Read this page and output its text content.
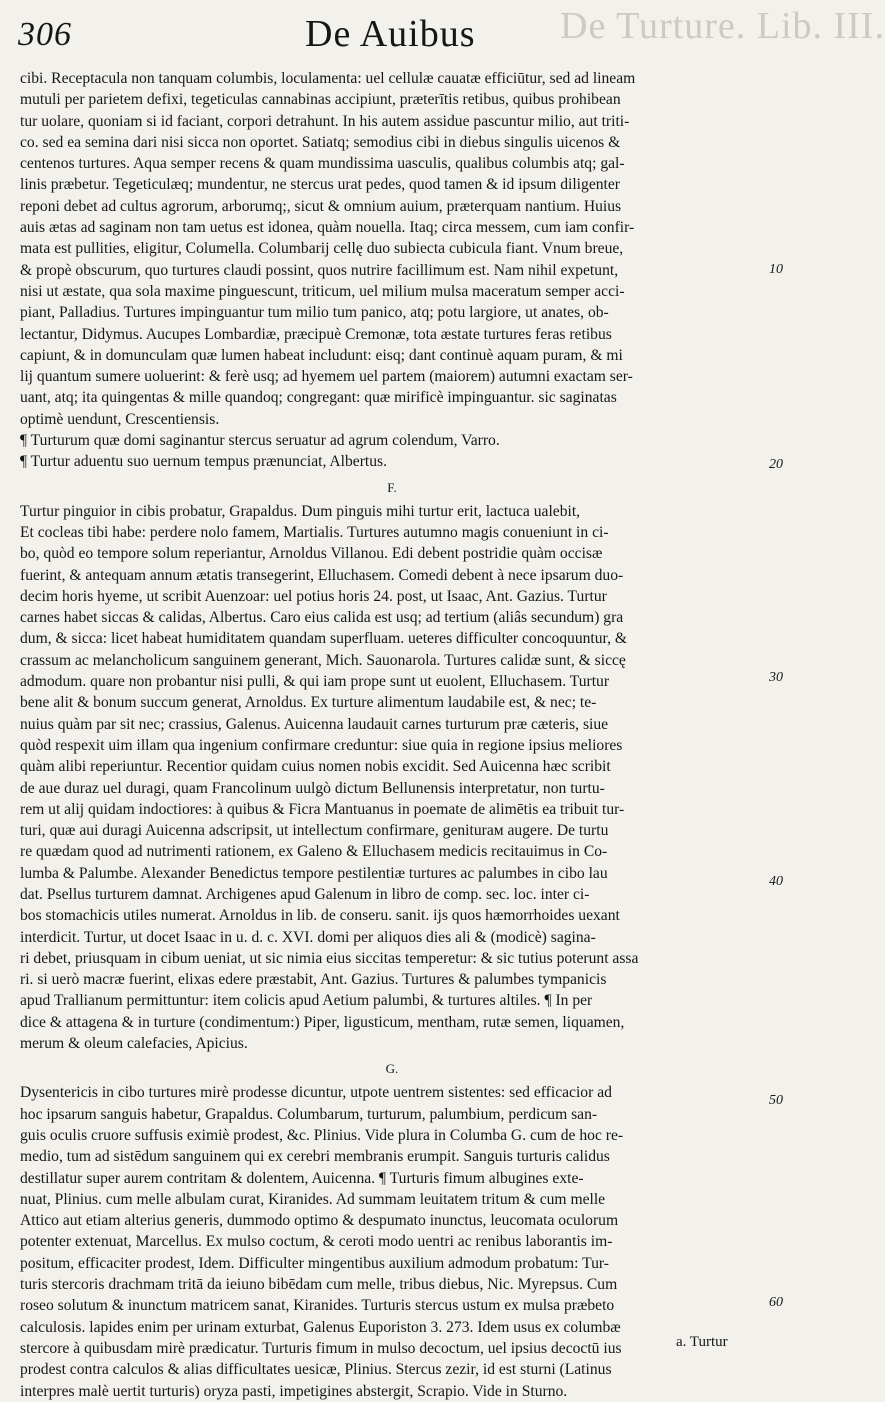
De Turture. Lib. III.
306	De Auibus
10
20
30
40
50
60
cibi. Receptacula non tanquam columbis, loculamenta: uel cellulæ cauatæ efficiūtur, sed ad lineam
mutuli per parietem defixi, tegeticulas cannabinas accipiunt, præterītis retibus, quibus prohibean
tur uolare, quoniam si id faciant, corpori detrahunt. In his autem assidue pascuntur milio, aut triti-
co. sed ea semina dari nisi sicca non oportet. Satiatq; semodius cibi in diebus singulis uicenos &
centenos turtures. Aqua semper recens & quam mundissima uasculis, qualibus columbis atq; gal-
linis præbetur. Tegeticulæq; mundentur, ne stercus urat pedes, quod tamen & id ipsum diligenter
reponi debet ad cultus agrorum, arborumq;, sicut & omnium auium, præterquam nantium. Huius
auis ætas ad saginam non tam uetus est idonea, quàm nouella. Itaq; circa messem, cum iam confir-
mata est pullities, eligitur, Columella. Columbarij cellę duo subiecta cubicula fiant. Vnum breue,
& propè obscurum, quo turtures claudi possint, quos nutrire facillimum est. Nam nihil expetunt,
nisi ut æstate, qua sola maxime pinguescunt, triticum, uel milium mulsa maceratum semper acci-
piant, Palladius. Turtures impinguantur tum milio tum panico, atq; potu largiore, ut anates, ob-
lectantur, Didymus. Aucupes Lombardiæ, præcipuè Cremonæ, tota æstate turtures feras retibus
capiunt, & in domunculam quæ lumen habeat includunt: eisq; dant continuè aquam puram, & mi
lij quantum sumere uoluerint: & ferè usq; ad hyemem uel partem (maiorem) autumni exactam ser-
uant, atq; ita quingentas & mille quandoq; congregant: quæ mirificè impinguantur. sic saginatas
optimè uendunt, Crescentiensis.
¶ Turturum quæ domi saginantur stercus seruatur ad agrum colendum, Varro.
¶ Turtur aduentu suo uernum tempus prænunciat, Albertus.
F.
Turtur pinguior in cibis probatur, Grapaldus. Dum pinguis mihi turtur erit, lactuca ualebit,
Et cocleas tibi habe: perdere nolo famem, Martialis. Turtures autumno magis conueniunt in ci-
bo, quòd eo tempore solum reperiantur, Arnoldus Villanou. Edi debent postridie quàm occisæ
fuerint, & antequam annum ætatis transegerint, Elluchasem. Comedi debent à nece ipsarum duo-
decim horis hyeme, ut scribit Auenzoar: uel potius horis 24. post, ut Isaac, Ant. Gazius. Turtur
carnes habet siccas & calidas, Albertus. Caro eius calida est usq; ad tertium (aliâs secundum) gra
dum, & sicca: licet habeat humiditatem quandam superfluam. ueteres difficulter concoquuntur, &
crassum ac melancholicum sanguinem generant, Mich. Sauonarola. Turtures calidæ sunt, & siccę
admodum. quare non probantur nisi pulli, & qui iam prope sunt ut euolent, Elluchasem. Turtur
bene alit & bonum succum generat, Arnoldus. Ex turture alimentum laudabile est, & nec; te-
nuius quàm par sit nec; crassius, Galenus. Auicenna laudauit carnes turturum præ cæteris, siue
quòd respexit uim illam qua ingenium confirmare creduntur: siue quia in regione ipsius meliores
quàm alibi reperiuntur. Recentior quidam cuius nomen nobis excidit. Sed Auicenna hæc scribit
de aue duraz uel duragi, quam Francolinum uulgò dictum Bellunensis interpretatur, non turtu-
rem ut alij quidam indoctiores: à quibus & Ficra Mantuanus in poemate de alimētis ea tribuit tur-
turi, quæ aui duragi Auicenna adscripsit, ut intellectum confirmare, geniturам augere. De turtu
re quædam quod ad nutrimenti rationem, ex Galeno & Elluchasem medicis recitauimus in Co-
lumba & Palumbe. Alexander Benedictus tempore pestilentiæ turtures ac palumbes in cibo lau
dat. Psellus turturem damnat. Archigenes apud Galenum in libro de comp. sec. loc. inter ci-
bos stomachicis utiles numerat. Arnoldus in lib. de conseru. sanit. ijs quos hæmorrhoides uexant
interdicit. Turtur, ut docet Isaac in u. d. c. XVI. domi per aliquos dies ali & (modicè) sagina-
ri debet, priusquam in cibum ueniat, ut sic nimia eius siccitas temperetur: & sic tutius poterunt assa
ri. si uerò macræ fuerint, elixas edere præstabit, Ant. Gazius. Turtures & palumbes tympanicis
apud Trallianum permittuntur: item colicis apud Aetium palumbi, & turtures altiles. ¶ In per
dice & attagena & in turture (condimentum:) Piper, ligusticum, mentham, rutæ semen, liquamen,
merum & oleum calefacies, Apicius.
G.
Dysentericis in cibo turtures mirè prodesse dicuntur, utpote uentrem sistentes: sed efficacior ad
hoc ipsarum sanguis habetur, Grapaldus. Columbarum, turturum, palumbium, perdicum san-
guis oculis cruore suffusis eximiè prodest, &c. Plinius. Vide plura in Columba G. cum de hoc re-
medio, tum ad sistēdum sanguinem qui ex cerebri membranis erumpit. Sanguis turturis calidus
destillatur super aurem contritam & dolentem, Auicenna. ¶ Turturis fimum albugines exte-
nuat, Plinius. cum melle albulam curat, Kiranides. Ad summam leuitatem tritum & cum melle
Attico aut etiam alterius generis, dummodo optimo & despumato inunctus, leucomata oculorum
potenter extenuat, Marcellus. Ex mulso coctum, & ceroti modo uentri ac renibus laborantis im-
positum, efficaciter prodest, Idem. Difficulter mingentibus auxilium admodum probatum: Tur-
turis stercoris drachmam tritā da ieiuno bibēdam cum melle, tribus diebus, Nic. Myrepsus. Cum
roseo solutum & inunctum matricem sanat, Kiranides. Turturis stercus ustum ex mulsa præbeto
calculosis. lapides enim per urinam exturbat, Galenus Euporiston 3. 273. Idem usus ex columbæ
stercore à quibusdam mirè prædicatur. Turturis fimum in mulso decoctum, uel ipsius decoctū ius
prodest contra calculos & alias difficultates uesicæ, Plinius. Stercus zezir, id est sturni (Latinus
interpres malè uertit turturis) oryza pasti, impetigines abstergit, Scrapio. Vide in Sturno.
a. Turtur
